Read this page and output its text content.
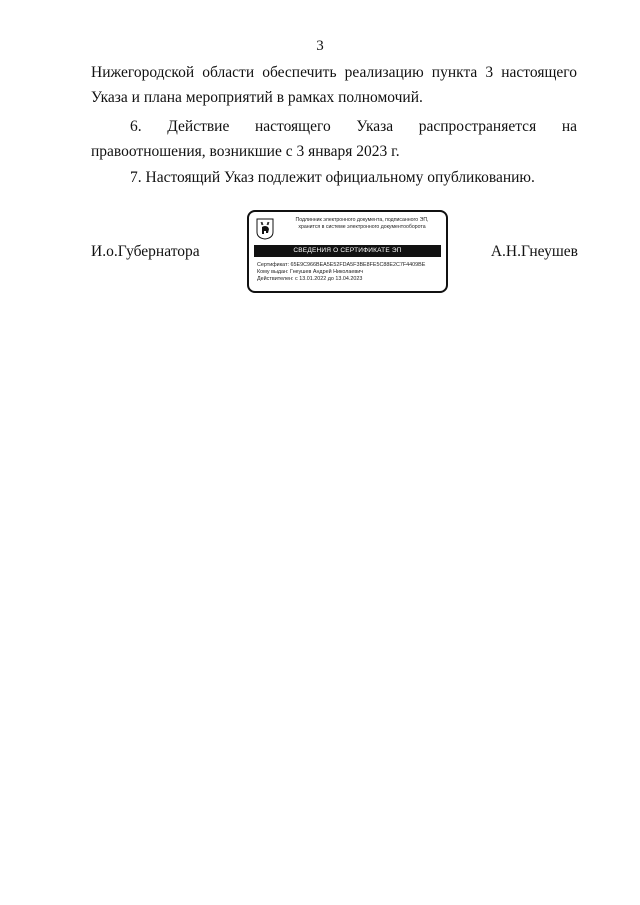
3
Нижегородской области обеспечить реализацию пункта 3 настоящего Указа и плана мероприятий в рамках полномочий.
6. Действие настоящего Указа распространяется на правоотношения, возникшие с 3 января 2023 г.
7. Настоящий Указ подлежит официальному опубликованию.
И.о.Губернатора
Подлинник электронного документа, подписанного ЭП,
хранится в системе электронного документооборота
СВЕДЕНИЯ О СЕРТИФИКАТЕ ЭП
Сертификат: 65E9C966BEA5E52FDA5F3BE8FE5C88E2C7F4409BE
Кому выдан: Гнеушев Андрей Николаевич
Действителен: с 13.01.2022 до 13.04.2023
А.Н.Гнеушев
